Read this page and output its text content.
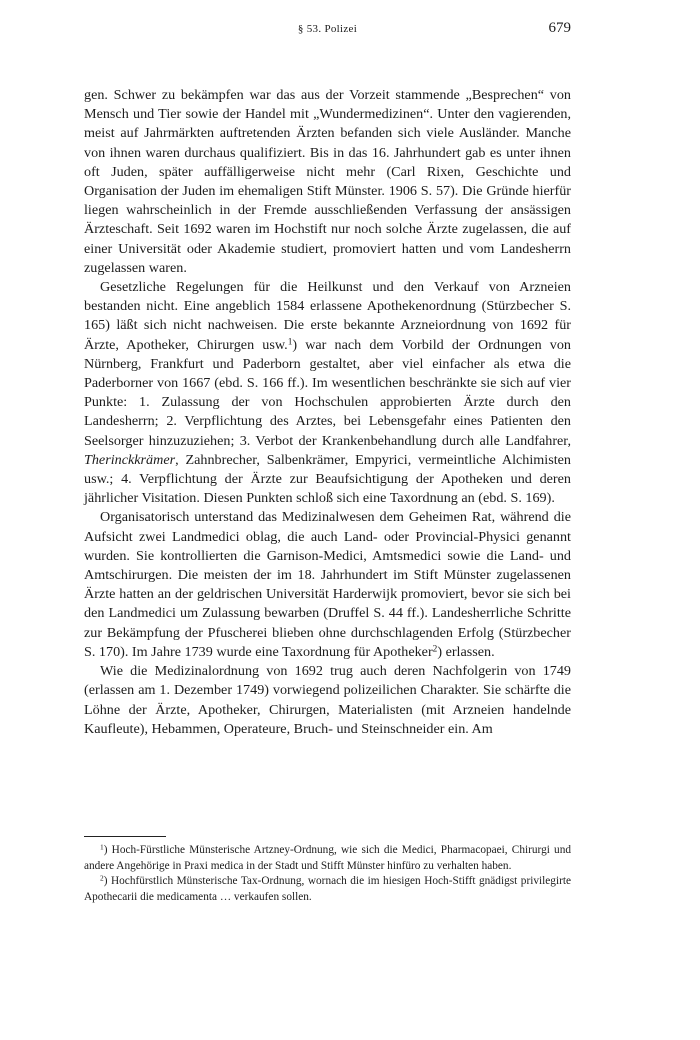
§ 53. Polizei	679

gen. Schwer zu bekämpfen war das aus der Vorzeit stammende „Besprechen“ von Mensch und Tier sowie der Handel mit „Wundermedizinen“. Unter den vagierenden, meist auf Jahrmärkten auftretenden Ärzten befanden sich viele Ausländer. Manche von ihnen waren durchaus qualifiziert. Bis in das 16. Jahrhundert gab es unter ihnen oft Juden, später auffälligerweise nicht mehr (Carl Rixen, Geschichte und Organisation der Juden im ehemaligen Stift Münster. 1906 S. 57). Die Gründe hierfür liegen wahrscheinlich in der Fremde ausschließenden Verfassung der ansässigen Ärzteschaft. Seit 1692 waren im Hochstift nur noch solche Ärzte zugelassen, die auf einer Universität oder Akademie studiert, promoviert hatten und vom Landesherrn zugelassen waren.

Gesetzliche Regelungen für die Heilkunst und den Verkauf von Arzneien bestanden nicht. Eine angeblich 1584 erlassene Apothekenordnung (Stürzbecher S. 165) läßt sich nicht nachweisen. Die erste bekannte Arzneiordnung von 1692 für Ärzte, Apotheker, Chirurgen usw.$^1$) war nach dem Vorbild der Ordnungen von Nürnberg, Frankfurt und Paderborn gestaltet, aber viel einfacher als etwa die Paderborner von 1667 (ebd. S. 166 ff.). Im wesentlichen beschränkte sie sich auf vier Punkte: 1. Zulassung der von Hochschulen approbierten Ärzte durch den Landesherrn; 2. Verpflichtung des Arztes, bei Lebensgefahr eines Patienten den Seelsorger hinzuzuziehen; 3. Verbot der Krankenbehandlung durch alle Landfahrer, Therinckkrämer, Zahnbrecher, Salbenkrämer, Empyrici, vermeintliche Alchimisten usw.; 4. Verpflichtung der Ärzte zur Beaufsichtigung der Apotheken und deren jährlicher Visitation. Diesen Punkten schloß sich eine Taxordnung an (ebd. S. 169).

Organisatorisch unterstand das Medizinalwesen dem Geheimen Rat, während die Aufsicht zwei Landmedici oblag, die auch Land- oder Provincial-Physici genannt wurden. Sie kontrollierten die Garnison-Medici, Amtsmedici sowie die Land- und Amtschirurgen. Die meisten der im 18. Jahrhundert im Stift Münster zugelassenen Ärzte hatten an der geldrischen Universität Harderwijk promoviert, bevor sie sich bei den Landmedici um Zulassung bewarben (Druffel S. 44 ff.). Landesherrliche Schritte zur Bekämpfung der Pfuscherei blieben ohne durchschlagenden Erfolg (Stürzbecher S. 170). Im Jahre 1739 wurde eine Taxordnung für Apotheker$^2$) erlassen.

Wie die Medizinalordnung von 1692 trug auch deren Nachfolgerin von 1749 (erlassen am 1. Dezember 1749) vorwiegend polizeilichen Charakter. Sie schärfte die Löhne der Ärzte, Apotheker, Chirurgen, Materialisten (mit Arzneien handelnde Kaufleute), Hebammen, Operateure, Bruch- und Steinschneider ein. Am

$^1$) Hoch-Fürstliche Münsterische Artzney-Ordnung, wie sich die Medici, Pharmacopaei, Chirurgi und andere Angehörige in Praxi medica in der Stadt und Stifft Münster hinfüro zu verhalten haben.

$^2$) Hochfürstlich Münsterische Tax-Ordnung, wornach die im hiesigen Hoch-Stifft gnädigst privilegirte Apothecarii die medicamenta … verkaufen sollen.
